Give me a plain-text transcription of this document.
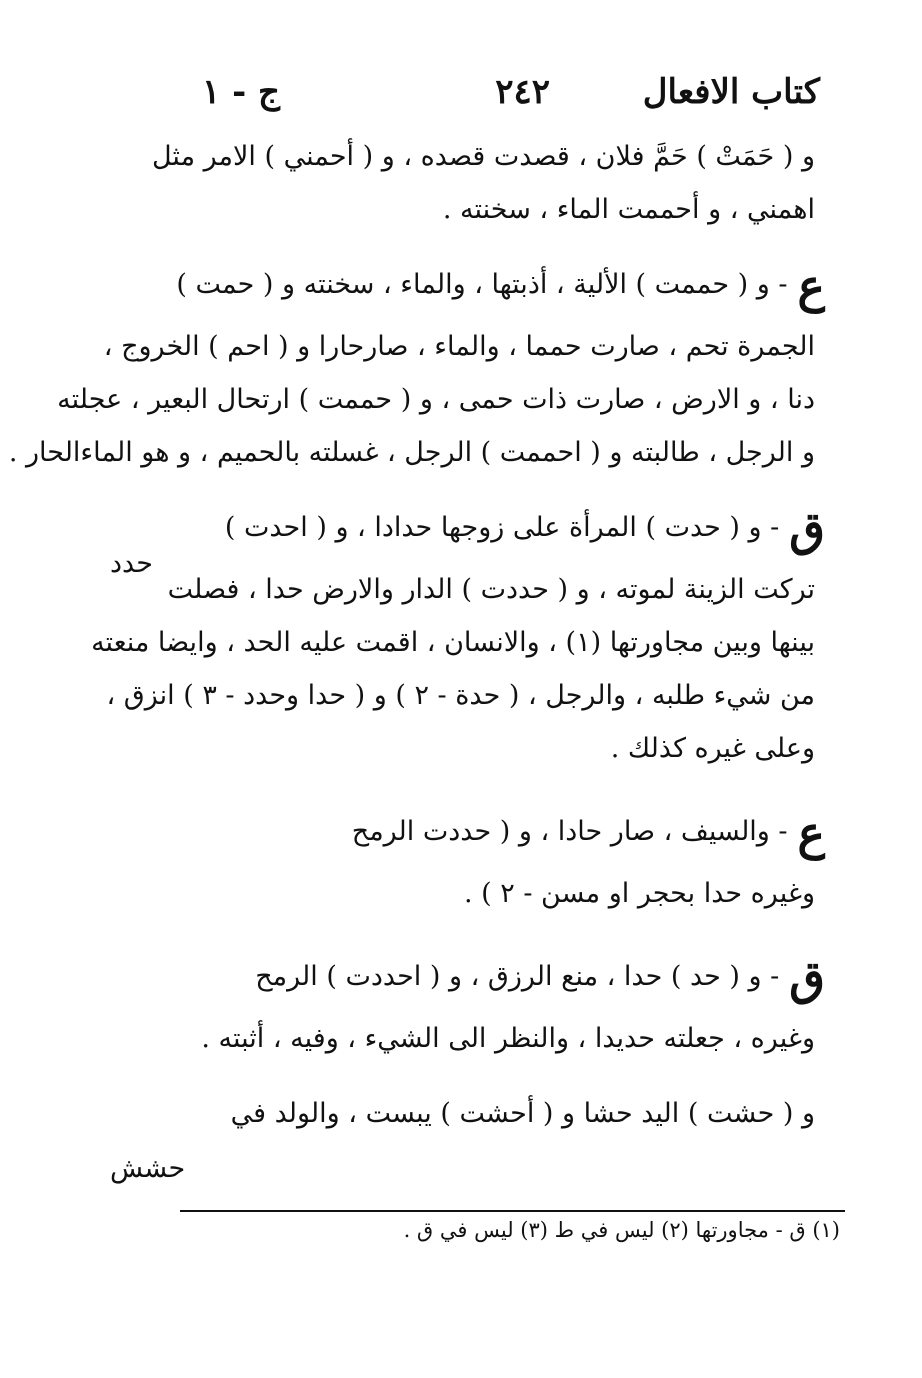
كتاب الافعال
٢٤٢
ج - ١
و ( حَمَتْ ) حَمَّ فلان ، قصدت قصده ، و ( أحمني ) الامر مثل
اهمني ، و أحممت الماء ، سخنته .
ع- و ( حممت ) الألية ، أذبتها ، والماء ، سخنته و ( حمت )
الجمرة تحم ، صارت حمما ، والماء ، صارحارا و ( احم ) الخروج ،
دنا ، و الارض ، صارت ذات حمى ، و ( حممت ) ارتحال البعير ، عجلته
و الرجل ، طالبته و ( احممت ) الرجل ، غسلته بالحميم ، و هو الماءالحار .
ق- و ( حدت ) المرأة على زوجها حدادا ، و ( احدت )
تركت الزينة لموته ، و ( حددت ) الدار والارض حدا ، فصلت
بينها وبين مجاورتها (١) ، والانسان ، اقمت عليه الحد ، وايضا منعته
من شيء طلبه ، والرجل ، ( حدة - ٢ ) و ( حدا وحدد - ٣ ) انزق ،
وعلى غيره كذلك .
ع- والسيف ، صار حادا ، و ( حددت الرمح
وغيره حدا بحجر او مسن - ٢ ) .
ق- و ( حد ) حدا ، منع الرزق ، و ( احددت ) الرمح
وغيره ، جعلته حديدا ، والنظر الى الشيء ، وفيه ، أثبته .
و ( حشت ) اليد حشا و ( أحشت ) يبست ، والولد في
حدد
حشش
(١) ق - مجاورتها (٢) ليس في ط (٣) ليس في ق .
